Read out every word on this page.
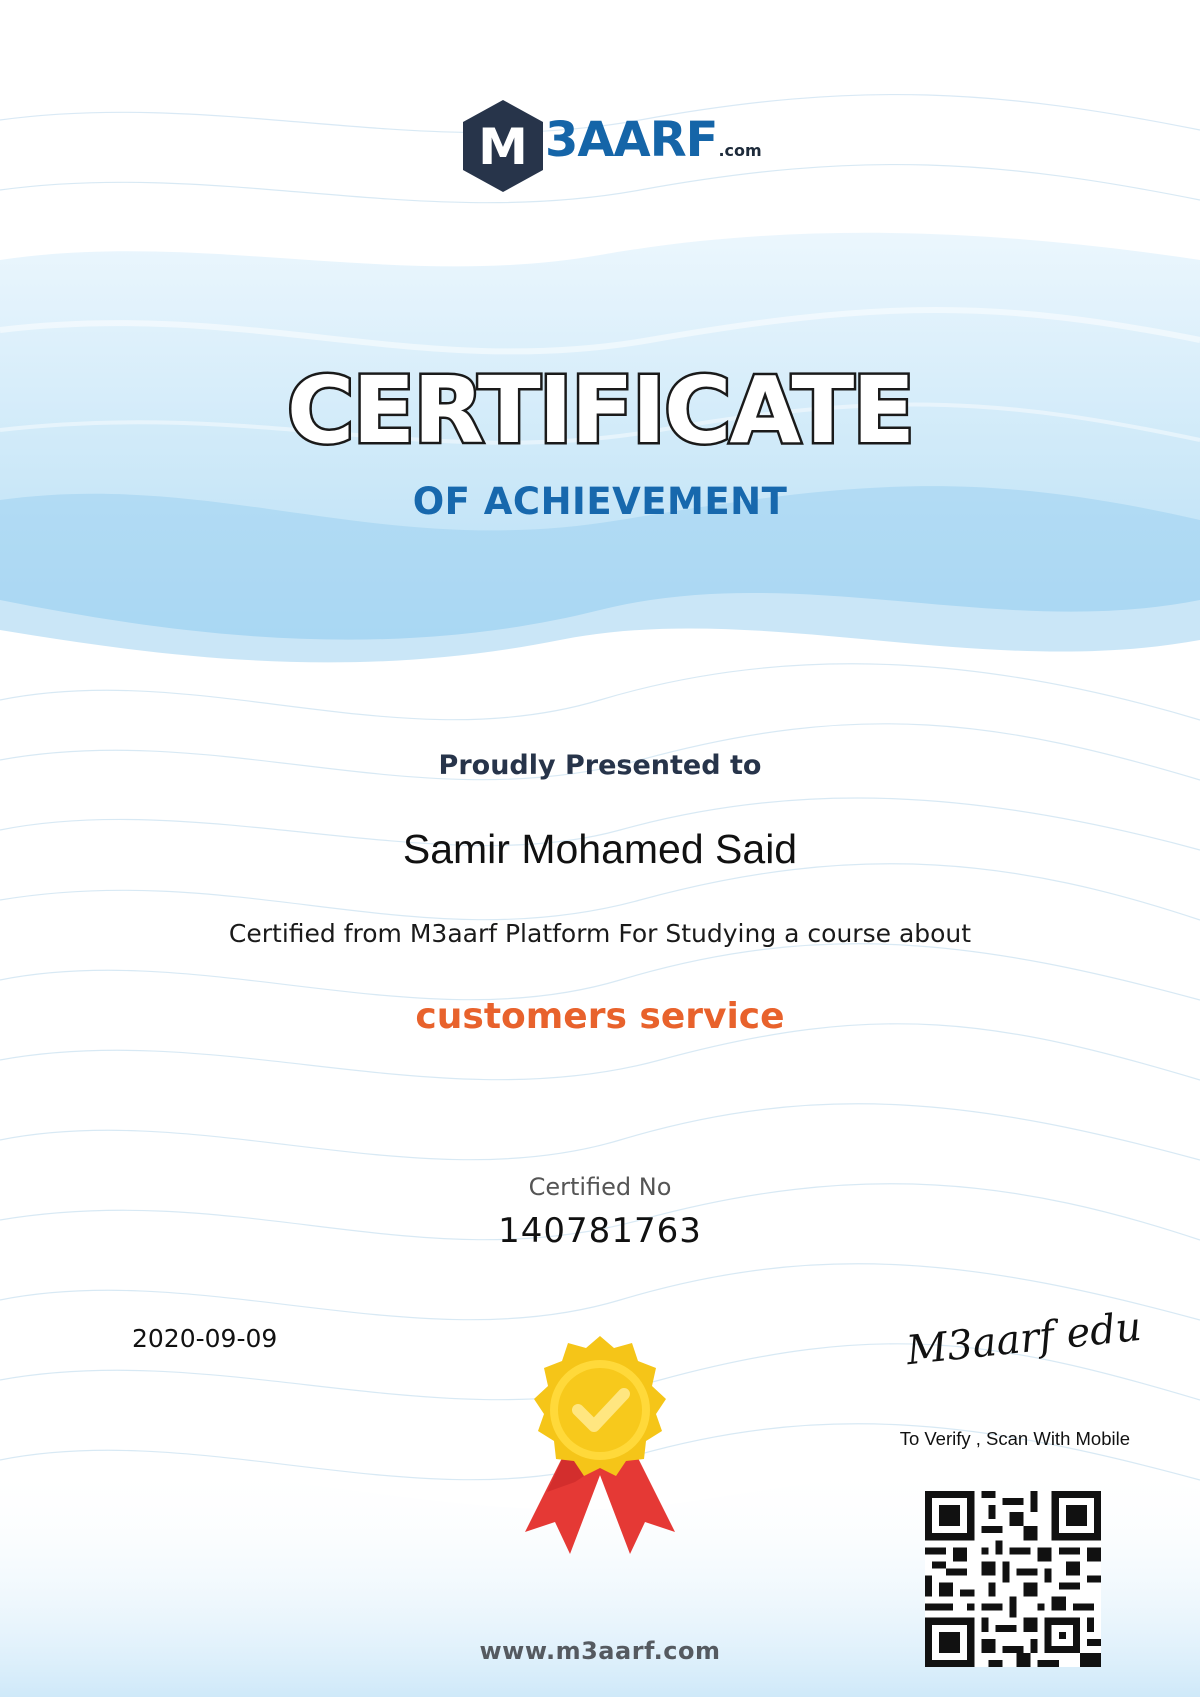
M 3AARF.com
CERTIFICATE
OF ACHIEVEMENT
Proudly Presented to
Samir Mohamed Said
Certified from M3aarf Platform For Studying a course about
customers service
Certified No
140781763
2020-09-09	M3aarf edu
To Verify , Scan With Mobile
www.m3aarf.com
